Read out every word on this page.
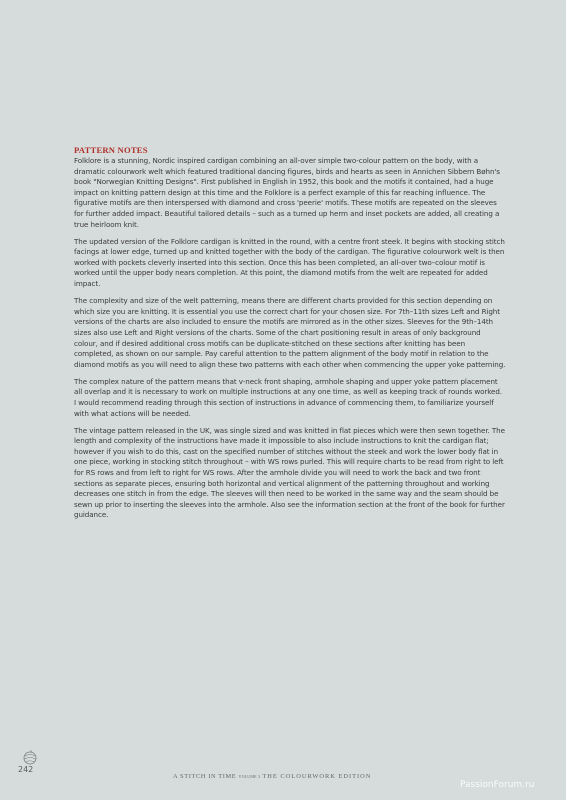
PATTERN NOTES

Folklore is a stunning, Nordic inspired cardigan combining an all-over simple two-colour pattern on the body, with a dramatic colourwork welt which featured traditional dancing figures, birds and hearts as seen in Annichen Sibbern Bøhn's book "Norwegian Knitting Designs". First published in English in 1952, this book and the motifs it contained, had a huge impact on knitting pattern design at this time and the Folklore is a perfect example of this far reaching influence. The figurative motifs are then interspersed with diamond and cross 'peerie' motifs. These motifs are repeated on the sleeves for further added impact. Beautiful tailored details – such as a turned up herm and inset pockets are added, all creating a true heirloom knit.

The updated version of the Folklore cardigan is knitted in the round, with a centre front steek. It begins with stocking stitch facings at lower edge, turned up and knitted together with the body of the cardigan. The figurative colourwork welt is then worked with pockets cleverly inserted into this section. Once this has been completed, an all-over two–colour motif is worked until the upper body nears completion. At this point, the diamond motifs from the welt are repeated for added impact.

The complexity and size of the welt patterning, means there are different charts provided for this section depending on which size you are knitting. It is essential you use the correct chart for your chosen size. For 7th–11th sizes Left and Right versions of the charts are also included to ensure the motifs are mirrored as in the other sizes. Sleeves for the 9th–14th sizes also use Left and Right versions of the charts. Some of the chart positioning result in areas of only background colour, and if desired additional cross motifs can be duplicate-stitched on these sections after knitting has been completed, as shown on our sample. Pay careful attention to the pattern alignment of the body motif in relation to the diamond motifs as you will need to align these two patterns with each other when commencing the upper yoke patterning.

The complex nature of the pattern means that v-neck front shaping, armhole shaping and upper yoke pattern placement all overlap and it is necessary to work on multiple instructions at any one time, as well as keeping track of rounds worked. I would recommend reading through this section of instructions in advance of commencing them, to familiarize yourself with what actions will be needed.

The vintage pattern released in the UK, was single sized and was knitted in flat pieces which were then sewn together. The length and complexity of the instructions have made it impossible to also include instructions to knit the cardigan flat; however if you wish to do this, cast on the specified number of stitches without the steek and work the lower body flat in one piece, working in stocking stitch throughout – with WS rows purled. This will require charts to be read from right to left for RS rows and from left to right for WS rows. After the armhole divide you will need to work the back and two front sections as separate pieces, ensuring both horizontal and vertical alignment of the patterning throughout and working decreases one stitch in from the edge. The sleeves will then need to be worked in the same way and the seam should be sewn up prior to inserting the sleeves into the armhole. Also see the information section at the front of the book for further guidance.

242
A STITCH IN TIME VOLUME 3 THE COLOURWORK EDITION
PassionForum.ru
